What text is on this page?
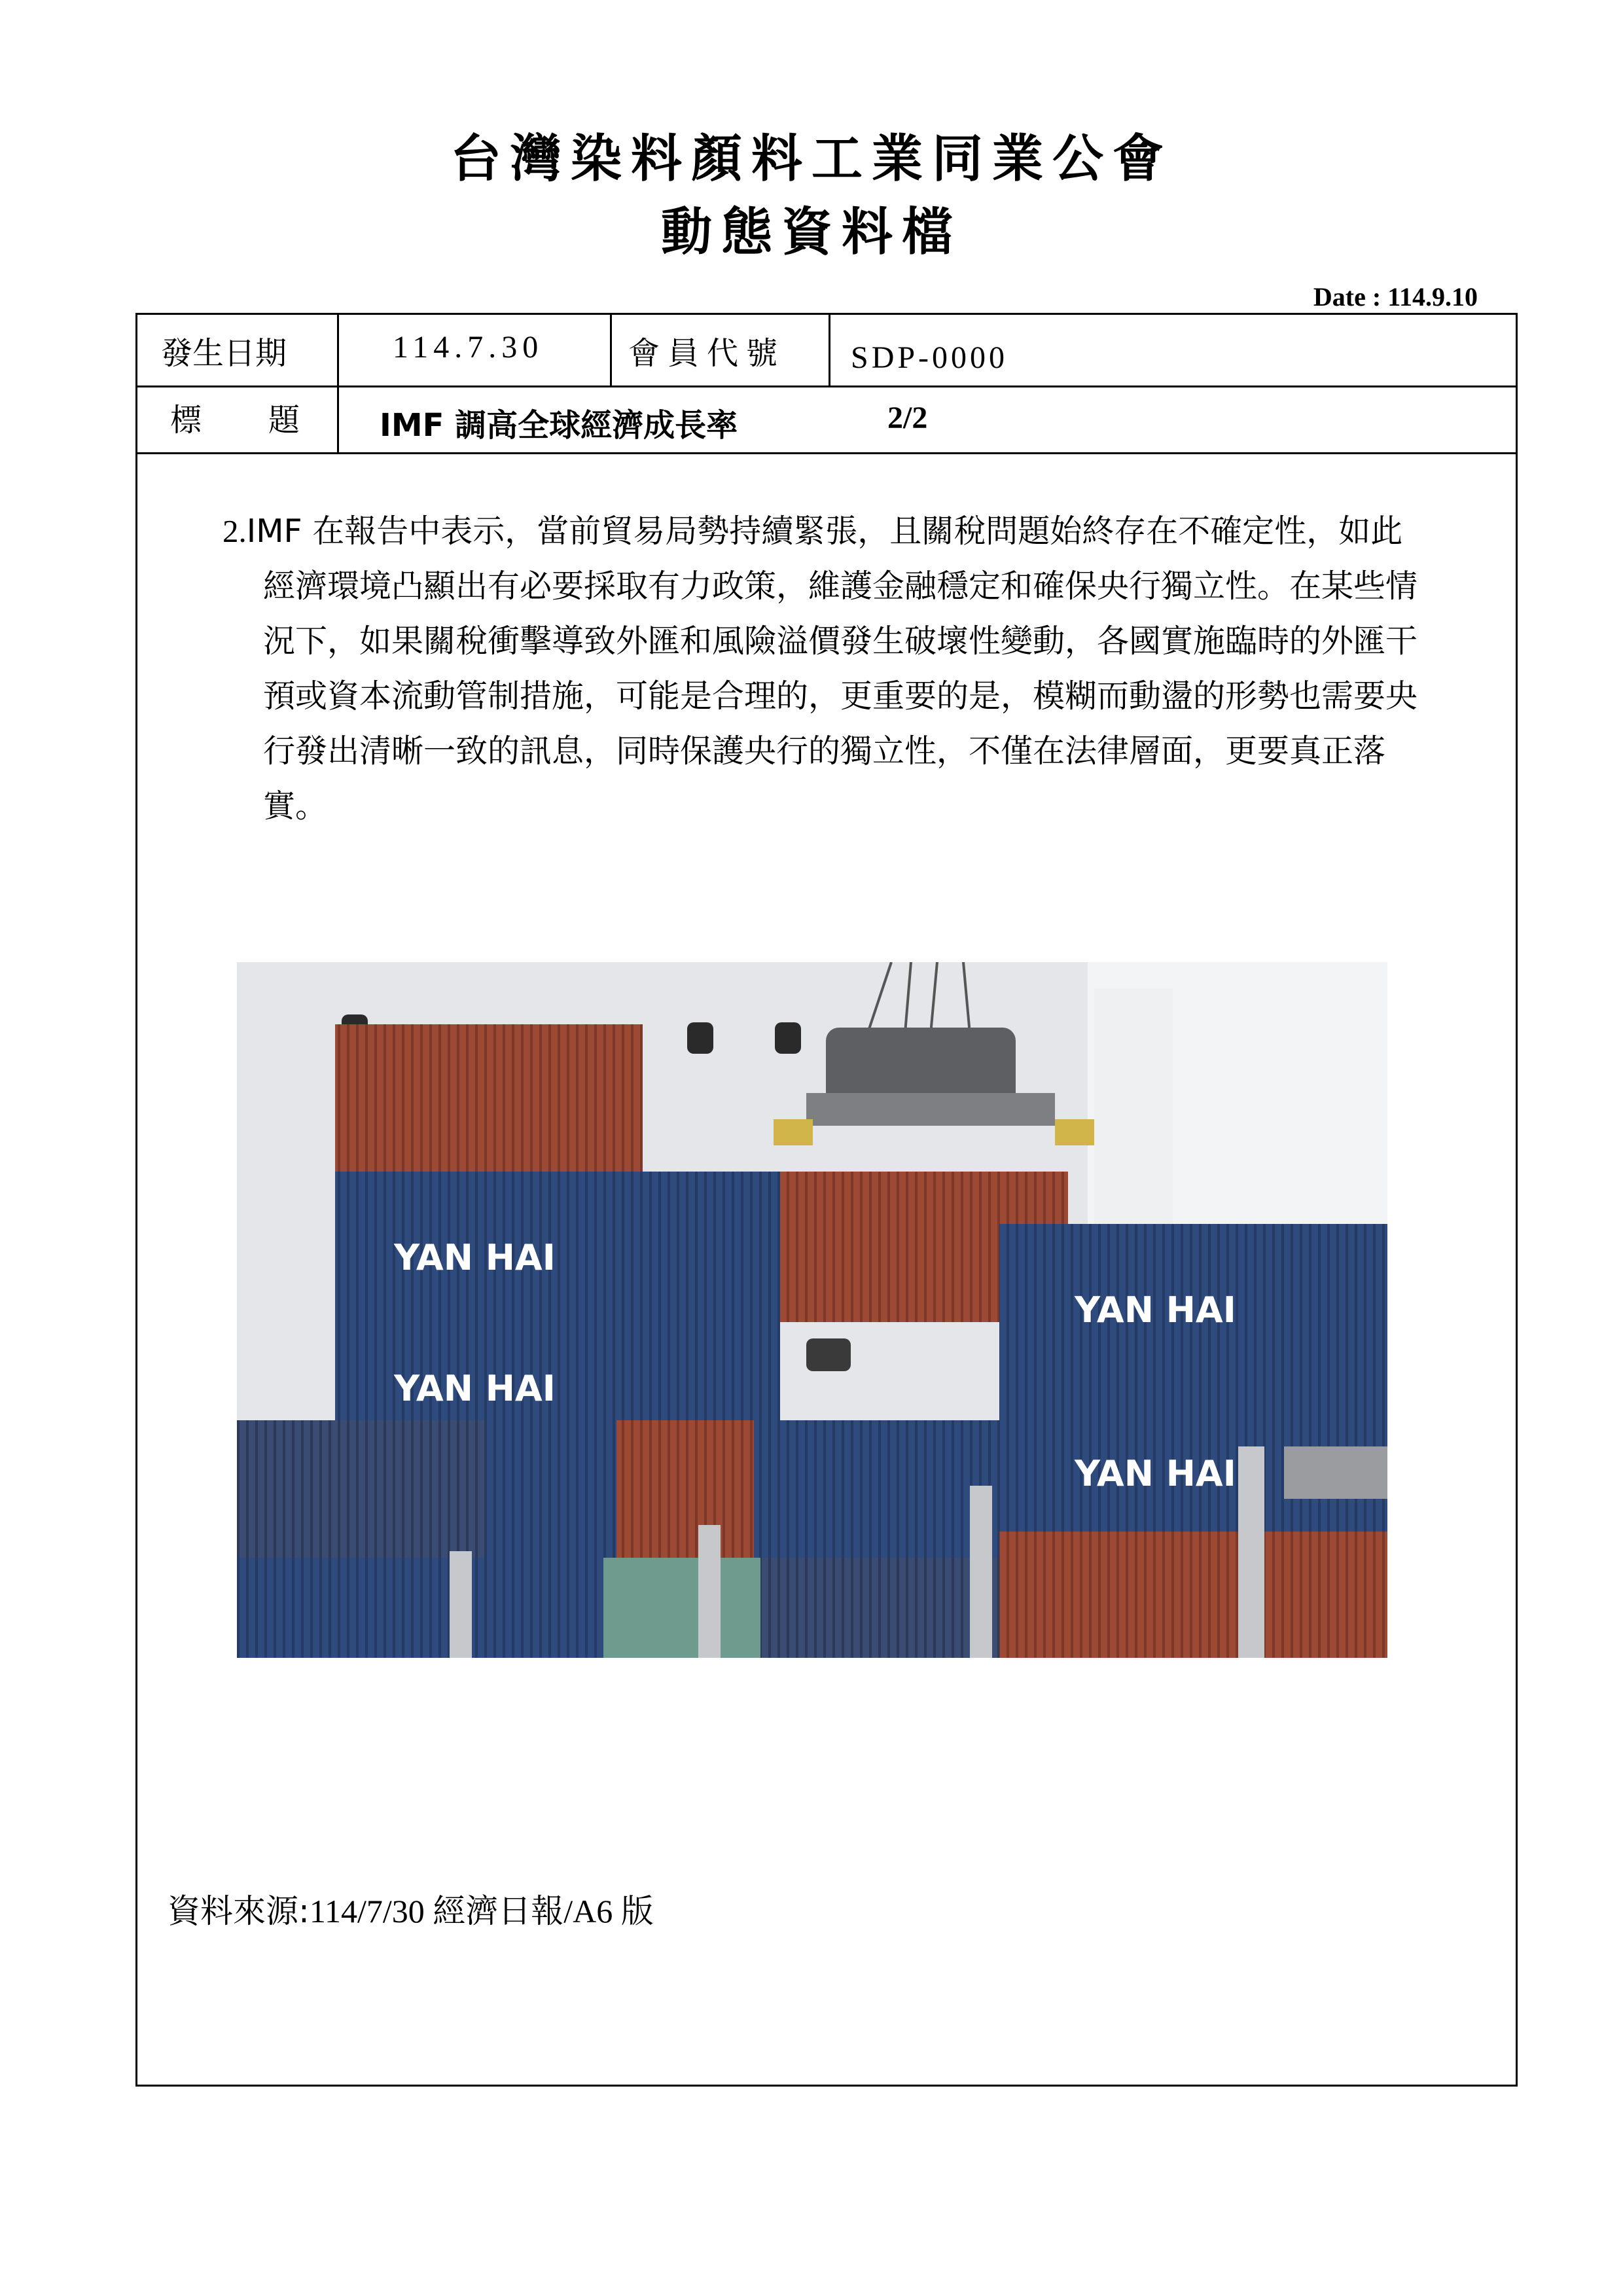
台灣染料顏料工業同業公會
動態資料檔
Date : 114.9.10
發生日期	114.7.30	會員代號 SDP-0000
標 題	IMF 調高全球經濟成長率	2/2
2.IMF 在報告中表示，當前貿易局勢持續緊張，且關稅問題始終存在不確定性，如此經濟環境凸顯出有必要採取有力政策，維護金融穩定和確保央行獨立性。在某些情況下，如果關稅衝擊導致外匯和風險溢價發生破壞性變動，各國實施臨時的外匯干預或資本流動管制措施，可能是合理的，更重要的是，模糊而動盪的形勢也需要央行發出清晰一致的訊息，同時保護央行的獨立性，不僅在法律層面，更要真正落實。
YAN HAI
YAN HAI
YAN HAI
YAN HAI
資料來源:114/7/30 經濟日報/A6 版
